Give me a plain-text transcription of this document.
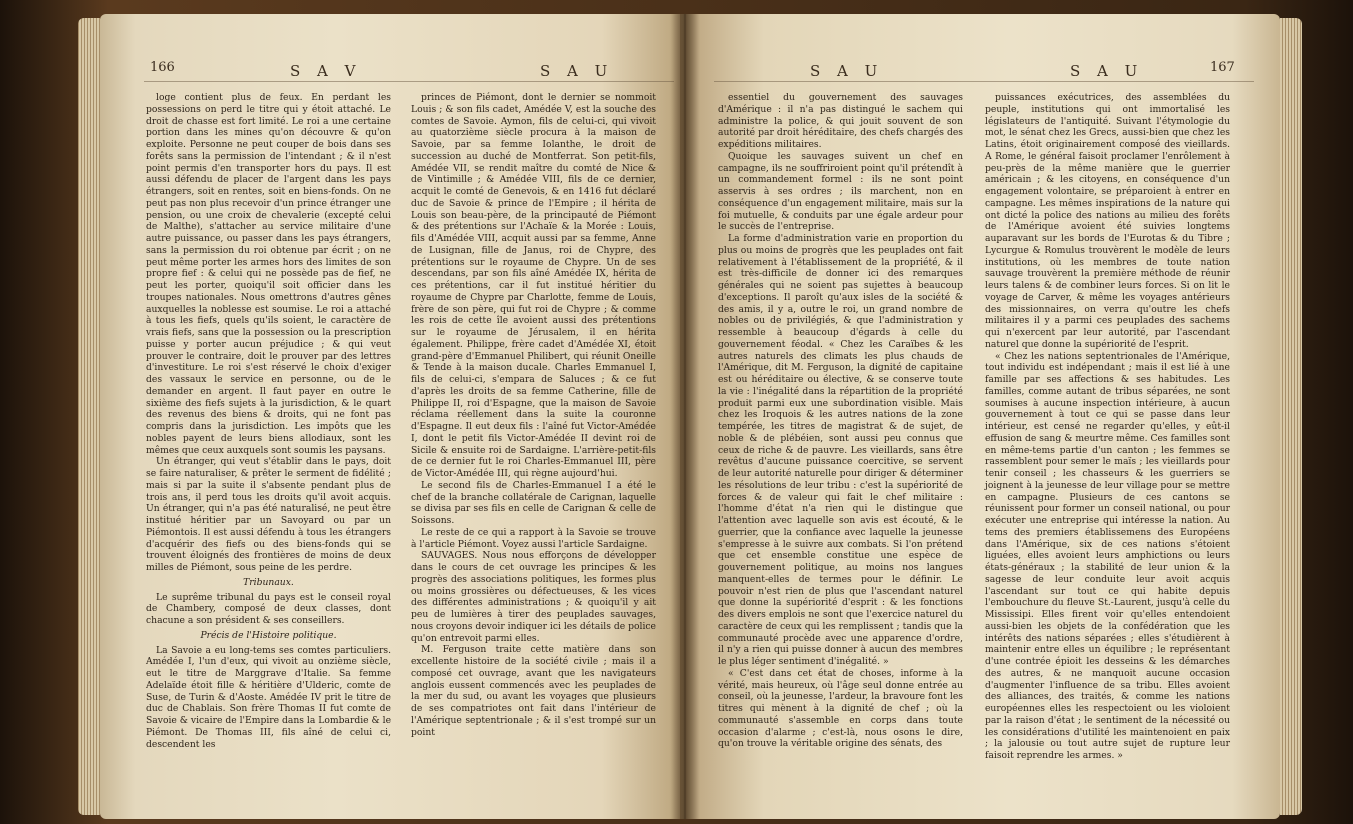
166	S A V	S A U

loge contient plus de feux. En perdant les possessions on perd le titre qui y étoit attaché. Le droit de chasse est fort limité. Le roi a une certaine portion dans les mines qu'on découvre & qu'on exploite. Personne ne peut couper de bois dans ses forêts sans la permission de l'intendant ; & il n'est point permis d'en transporter hors du pays. Il est aussi défendu de placer de l'argent dans les pays étrangers, soit en rentes, soit en biens-fonds. On ne peut pas non plus recevoir d'un prince étranger une pension, ou une croix de chevalerie (excepté celui de Malthe), s'attacher au service militaire d'une autre puissance, ou passer dans les pays étrangers, sans la permission du roi obtenue par écrit ; on ne peut même porter les armes hors des limites de son propre fief : & celui qui ne possède pas de fief, ne peut les porter, quoiqu'il soit officier dans les troupes nationales. Nous omettrons d'autres gênes auxquelles la noblesse est soumise. Le roi a attaché à tous les fiefs, quels qu'ils soient, le caractère de vrais fiefs, sans que la possession ou la prescription puisse y porter aucun préjudice ; & qui veut prouver le contraire, doit le prouver par des lettres d'investiture. Le roi s'est réservé le choix d'exiger des vassaux le service en personne, ou de le demander en argent. Il faut payer en outre le sixième des fiefs sujets à la jurisdiction, & le quart des revenus des biens & droits, qui ne font pas compris dans la jurisdiction. Les impôts que les nobles payent de leurs biens allodiaux, sont les mêmes que ceux auxquels sont soumis les paysans.

Un étranger, qui veut s'établir dans le pays, doit se faire naturaliser, & prêter le serment de fidélité ; mais si par la suite il s'absente pendant plus de trois ans, il perd tous les droits qu'il avoit acquis. Un étranger, qui n'a pas été naturalisé, ne peut être institué héritier par un Savoyard ou par un Piémontois. Il est aussi défendu à tous les étrangers d'acquérir des fiefs ou des biens-fonds qui se trouvent éloignés des frontières de moins de deux milles de Piémont, sous peine de les perdre.

Tribunaux.

Le suprême tribunal du pays est le conseil royal de Chambery, composé de deux classes, dont chacune a son président & ses conseillers.

Précis de l'Histoire politique.

La Savoie a eu long-tems ses comtes particuliers. Amédée I, l'un d'eux, qui vivoit au onzième siècle, eut le titre de Marggrave d'Italie. Sa femme Adelaïde étoit fille & héritière d'Ulderic, comte de Suse, de Turin & d'Aoste. Amédée IV prit le titre de duc de Chablais. Son frère Thomas II fut comte de Savoie & vicaire de l'Empire dans la Lombardie & le Piémont. De Thomas III, fils aîné de celui ci, descendent les

princes de Piémont, dont le dernier se nommoit Louis ; & son fils cadet, Amédée V, est la souche des comtes de Savoie. Aymon, fils de celui-ci, qui vivoit au quatorzième siècle procura à la maison de Savoie, par sa femme Iolanthe, le droit de succession au duché de Montferrat. Son petit-fils, Amédée VII, se rendit maître du comté de Nice & de Vintimille ; & Amédée VIII, fils de ce dernier, acquit le comté de Genevois, & en 1416 fut déclaré duc de Savoie & prince de l'Empire ; il hérita de Louis son beau-père, de la principauté de Piémont & des prétentions sur l'Achaïe & la Morée : Louis, fils d'Amédée VIII, acquit aussi par sa femme, Anne de Lusignan, fille de Janus, roi de Chypre, des prétentions sur le royaume de Chypre. Un de ses descendans, par son fils aîné Amédée IX, hérita de ces prétentions, car il fut institué héritier du royaume de Chypre par Charlotte, femme de Louis, frère de son père, qui fut roi de Chypre ; & comme les rois de cette île avoient aussi des prétentions sur le royaume de Jérusalem, il en hérita également. Philippe, frère cadet d'Amédée XI, étoit grand-père d'Emmanuel Philibert, qui réunit Oneille & Tende à la maison ducale. Charles Emmanuel I, fils de celui-ci, s'empara de Saluces ; & ce fut d'après les droits de sa femme Catherine, fille de Philippe II, roi d'Espagne, que la maison de Savoie réclama réellement dans la suite la couronne d'Espagne. Il eut deux fils : l'aîné fut Victor-Amédée I, dont le petit fils Victor-Amédée II devint roi de Sicile & ensuite roi de Sardaigne. L'arrière-petit-fils de ce dernier fut le roi Charles-Emmanuel III, père de Victor-Amédée III, qui règne aujourd'hui.

Le second fils de Charles-Emmanuel I a été le chef de la branche collatérale de Carignan, laquelle se divisa par ses fils en celle de Carignan & celle de Soissons.

Le reste de ce qui a rapport à la Savoie se trouve à l'article Piémont. Voyez aussi l'article Sardaigne.

SAUVAGES. Nous nous efforçons de développer dans le cours de cet ouvrage les principes & les progrès des associations politiques, les formes plus ou moins grossières ou défectueuses, & les vices des différentes administrations ; & quoiqu'il y ait peu de lumières à tirer des peuplades sauvages, nous croyons devoir indiquer ici les détails de police qu'on entrevoit parmi elles.

M. Ferguson traite cette matière dans son excellente histoire de la société civile ; mais il a composé cet ouvrage, avant que les navigateurs anglois eussent commencés avec les peuplades de la mer du sud, ou avant les voyages que plusieurs de ses compatriotes ont fait dans l'intérieur de l'Amérique septentrionale ; & il s'est trompé sur un point

S A U	S A U	167

essentiel du gouvernement des sauvages d'Amérique : il n'a pas distingué le sachem qui administre la police, & qui jouit souvent de son autorité par droit héréditaire, des chefs chargés des expéditions militaires.

Quoique les sauvages suivent un chef en campagne, ils ne souffriroient point qu'il prétendît à un commandement formel : ils ne sont point asservis à ses ordres ; ils marchent, non en conséquence d'un engagement militaire, mais sur la foi mutuelle, & conduits par une égale ardeur pour le succès de l'entreprise.

La forme d'administration varie en proportion du plus ou moins de progrès que les peuplades ont fait relativement à l'établissement de la propriété, & il est très-difficile de donner ici des remarques générales qui ne soient pas sujettes à beaucoup d'exceptions. Il paroît qu'aux isles de la société & des amis, il y a, outre le roi, un grand nombre de nobles ou de privilégiés, & que l'administration y ressemble à beaucoup d'égards à celle du gouvernement féodal. « Chez les Caraïbes & les autres naturels des climats les plus chauds de l'Amérique, dit M. Ferguson, la dignité de capitaine est ou héréditaire ou élective, & se conserve toute la vie : l'inégalité dans la répartition de la propriété produit parmi eux une subordination visible. Mais chez les Iroquois & les autres nations de la zone tempérée, les titres de magistrat & de sujet, de noble & de plébéien, sont aussi peu connus que ceux de riche & de pauvre. Les vieillards, sans être revêtus d'aucune puissance coercitive, se servent de leur autorité naturelle pour diriger & déterminer les résolutions de leur tribu : c'est la supériorité de forces & de valeur qui fait le chef militaire : l'homme d'état n'a rien qui le distingue que l'attention avec laquelle son avis est écouté, & le guerrier, que la confiance avec laquelle la jeunesse s'empresse à le suivre aux combats. Si l'on prétend que cet ensemble constitue une espèce de gouvernement politique, au moins nos langues manquent-elles de termes pour le définir. Le pouvoir n'est rien de plus que l'ascendant naturel que donne la supériorité d'esprit : & les fonctions des divers emplois ne sont que l'exercice naturel du caractère de ceux qui les remplissent ; tandis que la communauté procède avec une apparence d'ordre, il n'y a rien qui puisse donner à aucun des membres le plus léger sentiment d'inégalité. »

« C'est dans cet état de choses, informe à la vérité, mais heureux, où l'âge seul donne entrée au conseil, où la jeunesse, l'ardeur, la bravoure font les titres qui mènent à la dignité de chef ; où la communauté s'assemble en corps dans toute occasion d'alarme ; c'est-là, nous osons le dire, qu'on trouve la véritable origine des sénats, des

puissances exécutrices, des assemblées du peuple, institutions qui ont immortalisé les législateurs de l'antiquité. Suivant l'étymologie du mot, le sénat chez les Grecs, aussi-bien que chez les Latins, étoit originairement composé des vieillards. A Rome, le général faisoit proclamer l'enrôlement à peu-près de la même manière que le guerrier américain ; & les citoyens, en conséquence d'un engagement volontaire, se préparoient à entrer en campagne. Les mêmes inspirations de la nature qui ont dicté la police des nations au milieu des forêts de l'Amérique avoient été suivies longtems auparavant sur les bords de l'Eurotas & du Tibre ; Lycurgue & Romulus trouvèrent le modèle de leurs institutions, où les membres de toute nation sauvage trouvèrent la première méthode de réunir leurs talens & de combiner leurs forces. Si on lit le voyage de Carver, & même les voyages antérieurs des missionnaires, on verra qu'outre les chefs militaires il y a parmi ces peuplades des sachems qui n'exercent par leur autorité, par l'ascendant naturel que donne la supériorité de l'esprit.

« Chez les nations septentrionales de l'Amérique, tout individu est indépendant ; mais il est lié à une famille par ses affections & ses habitudes. Les familles, comme autant de tribus séparées, ne sont soumises à aucune inspection intérieure, à aucun gouvernement à tout ce qui se passe dans leur intérieur, est censé ne regarder qu'elles, y eût-il effusion de sang & meurtre même. Ces familles sont en même-tems partie d'un canton ; les femmes se rassemblent pour semer le maïs ; les vieillards pour tenir conseil ; les chasseurs & les guerriers se joignent à la jeunesse de leur village pour se mettre en campagne. Plusieurs de ces cantons se réunissent pour former un conseil national, ou pour exécuter une entreprise qui intéresse la nation. Au tems des premiers établissemens des Européens dans l'Amérique, six de ces nations s'étoient liguées, elles avoient leurs amphictions ou leurs états-généraux ; la stabilité de leur union & la sagesse de leur conduite leur avoit acquis l'ascendant sur tout ce qui habite depuis l'embouchure du fleuve St.-Laurent, jusqu'à celle du Mississipi. Elles firent voir qu'elles entendoient aussi-bien les objets de la confédération que les intérêts des nations séparées ; elles s'étudièrent à maintenir entre elles un équilibre ; le représentant d'une contrée épioit les desseins & les démarches des autres, & ne manquoit aucune occasion d'augmenter l'influence de sa tribu. Elles avoient des alliances, des traités, & comme les nations européennes elles les respectoient ou les violoient par la raison d'état ; le sentiment de la nécessité ou les considérations d'utilité les maintenoient en paix ; la jalousie ou tout autre sujet de rupture leur faisoit reprendre les armes. »
